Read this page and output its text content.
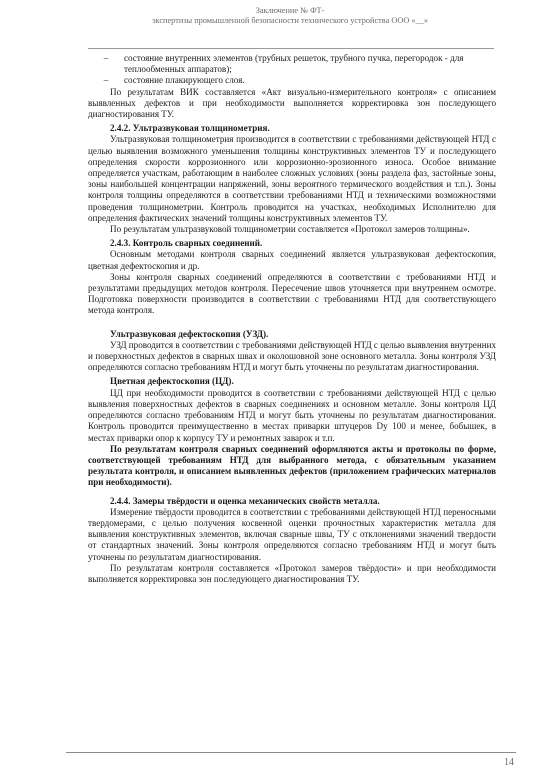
Заключение № ФТ-
экспертизы промышленной безопасности технического устройства ООО «__»
–	состояние внутренних элементов (трубных решеток, трубного пучка, перегородок - для теплообменных аппаратов);
–	состояние плакирующего слоя.

По результатам ВИК составляется «Акт визуально-измерительного контроля» с описанием выявленных дефектов и при необходимости выполняется корректировка зон последующего диагностирования ТУ.

2.4.2. Ультразвуковая толщинометрия.

Ультразвуковая толщинометрия производится в соответствии с требованиями действующей НТД с целью выявления возможного уменьшения толщины конструктивных элементов ТУ и последующего определения скорости коррозионного или коррозионно-эрозионного износа. Особое внимание определяется участкам, работающим в наиболее сложных условиях (зоны раздела фаз, застойные зоны, зоны наибольшей концентрации напряжений, зоны вероятного термического воздействия и т.п.). Зоны контроля толщины определяются в соответствии требованиями НТД и техническими возможностями проведения толщинометрии. Контроль проводится на участках, необходимых Исполнителю для определения фактических значений толщины конструктивных элементов ТУ.

По результатам ультразвуковой толщинометрии составляется «Протокол замеров толщины».

2.4.3. Контроль сварных соединений.

Основным методами контроля сварных соединений является ультразвуковая дефектоскопия, цветная дефектоскопия и др.

Зоны контроля сварных соединений определяются в соответствии с требованиями НТД и результатами предыдущих методов контроля. Пересечение швов уточняется при внутреннем осмотре. Подготовка поверхности производится в соответствии с требованиями НТД для соответствующего метода контроля.

Ультразвуковая дефектоскопия (УЗД).

УЗД проводится в соответствии с требованиями действующей НТД с целью выявления внутренних и поверхностных дефектов в сварных швах и околошовной зоне основного металла. Зоны контроля УЗД определяются согласно требованиям НТД и могут быть уточнены по результатам диагностирования.

Цветная дефектоскопия (ЦД).

ЦД при необходимости проводится в соответствии с требованиями действующей НТД с целью выявления поверхностных дефектов в сварных соединениях и основном металле. Зоны контроля ЦД определяются согласно требованиям НТД и могут быть уточнены по результатам диагностирования. Контроль проводится преимущественно в местах приварки штуцеров Dу 100 и менее, бобышек, в местах приварки опор к корпусу ТУ и ремонтных заварок и т.п.

По результатам контроля сварных соединений оформляются акты и протоколы по форме, соответствующей требованиям НТД для выбранного метода, с обязательным указанием результата контроля, и описанием выявленных дефектов (приложением графических материалов при необходимости).

2.4.4. Замеры твёрдости и оценка механических свойств металла.

Измерение твёрдости проводится в соответствии с требованиями действующей НТД переносными твердомерами, с целью получения косвенной оценки прочностных характеристик металла для выявления конструктивных элементов, включая сварные швы, ТУ с отклонениями значений твердости от стандартных значений. Зоны контроля определяются согласно требованиям НТД и могут быть уточнены по результатам диагностирования.

По результатам контроля составляется «Протокол замеров твёрдости» и при необходимости выполняется корректировка зон последующего диагностирования ТУ.

14
